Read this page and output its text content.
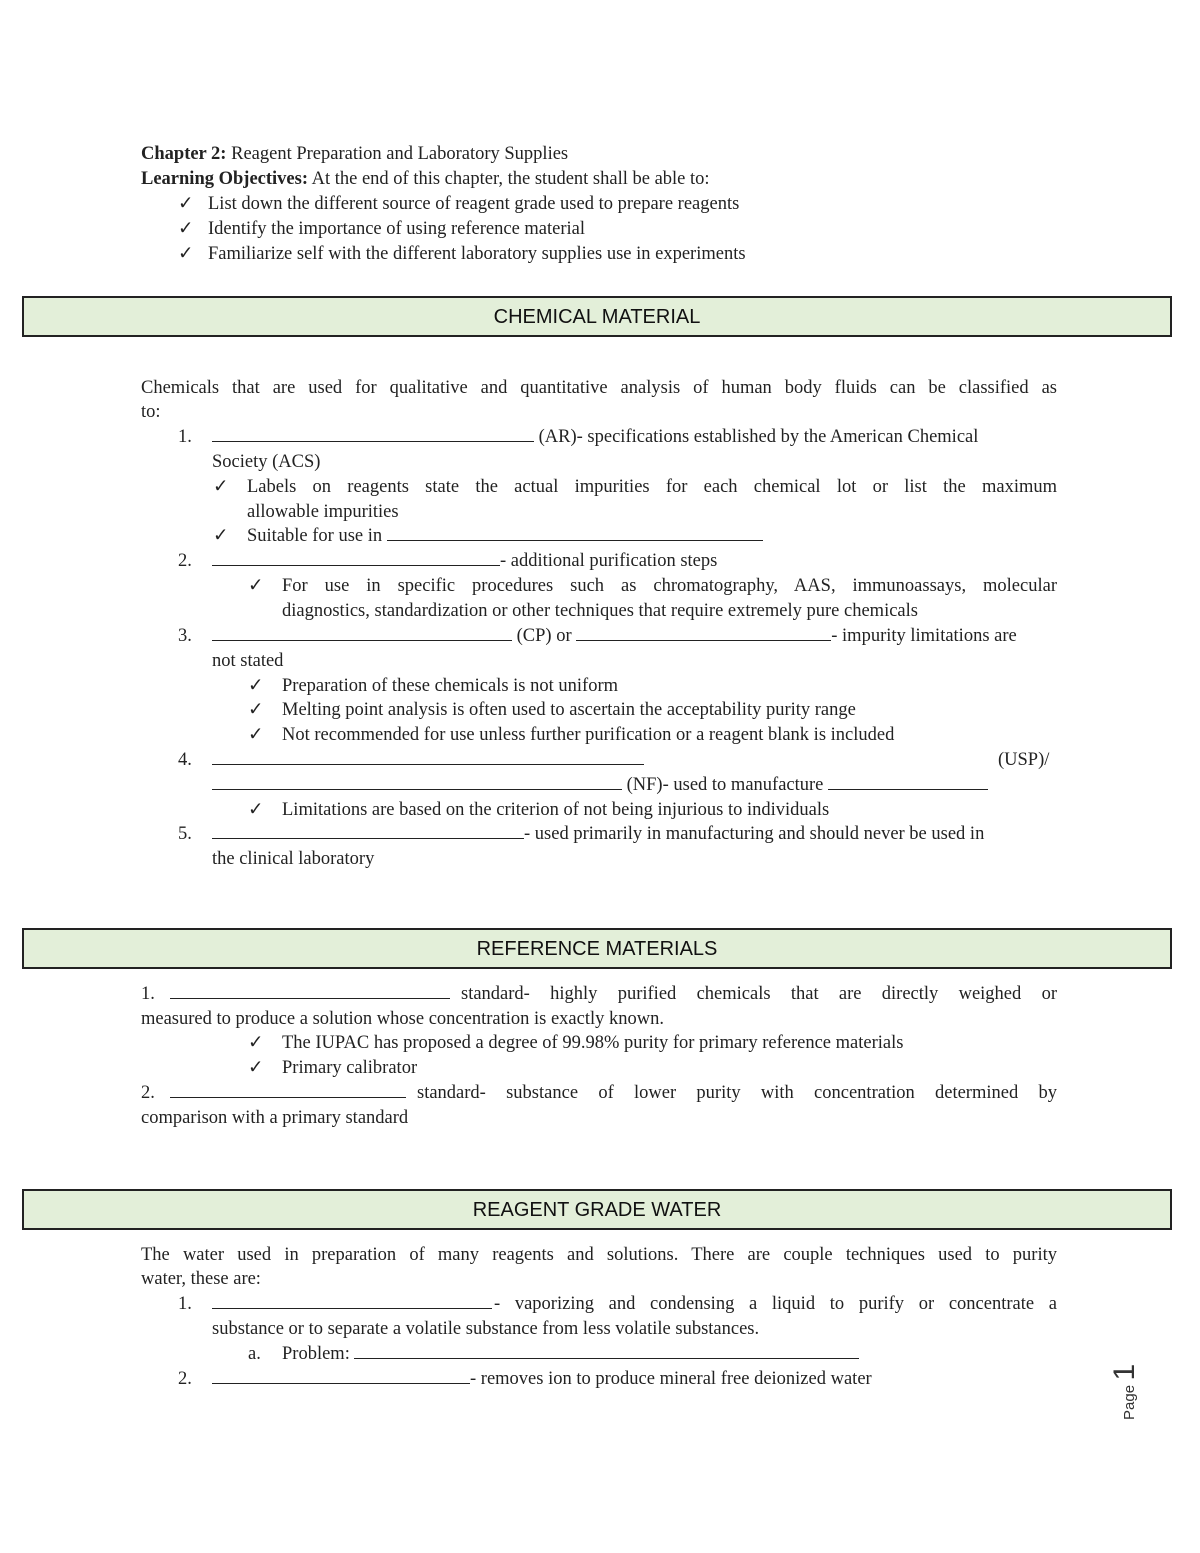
Chapter 2: Reagent Preparation and Laboratory Supplies
Learning Objectives: At the end of this chapter, the student shall be able to:
✓ List down the different source of reagent grade used to prepare reagents
✓ Identify the importance of using reference material
✓ Familiarize self with the different laboratory supplies use in experiments
CHEMICAL MATERIAL
Chemicals that are used for qualitative and quantitative analysis of human body fluids can be classified as
to:
1.	(AR)- specifications established by the American Chemical
Society (ACS)
✓ Labels on reagents state the actual impurities for each chemical lot or list the maximum
allowable impurities
✓ Suitable for use in
2.	- additional purification steps
✓ For use in specific procedures such as chromatography, AAS, immunoassays, molecular
diagnostics, standardization or other techniques that require extremely pure chemicals
3.	(CP) or	- impurity limitations are
not stated
✓ Preparation of these chemicals is not uniform
✓ Melting point analysis is often used to ascertain the acceptability purity range
✓ Not recommended for use unless further purification or a reagent blank is included
4.	(USP)/
(NF)- used to manufacture
✓ Limitations are based on the criterion of not being injurious to individuals
5.	- used primarily in manufacturing and should never be used in
the clinical laboratory
REFERENCE MATERIALS
1.	standard- highly purified chemicals that are directly weighed or
measured to produce a solution whose concentration is exactly known.
✓ The IUPAC has proposed a degree of 99.98% purity for primary reference materials
✓ Primary calibrator
2.	standard- substance of lower purity with concentration determined by
comparison with a primary standard
REAGENT GRADE WATER
The water used in preparation of many reagents and solutions. There are couple techniques used to purity
water, these are:
1.	- vaporizing and condensing a liquid to purify or concentrate a
substance or to separate a volatile substance from less volatile substances.
a. Problem:
2.	- removes ion to produce mineral free deionized water
Page 1
